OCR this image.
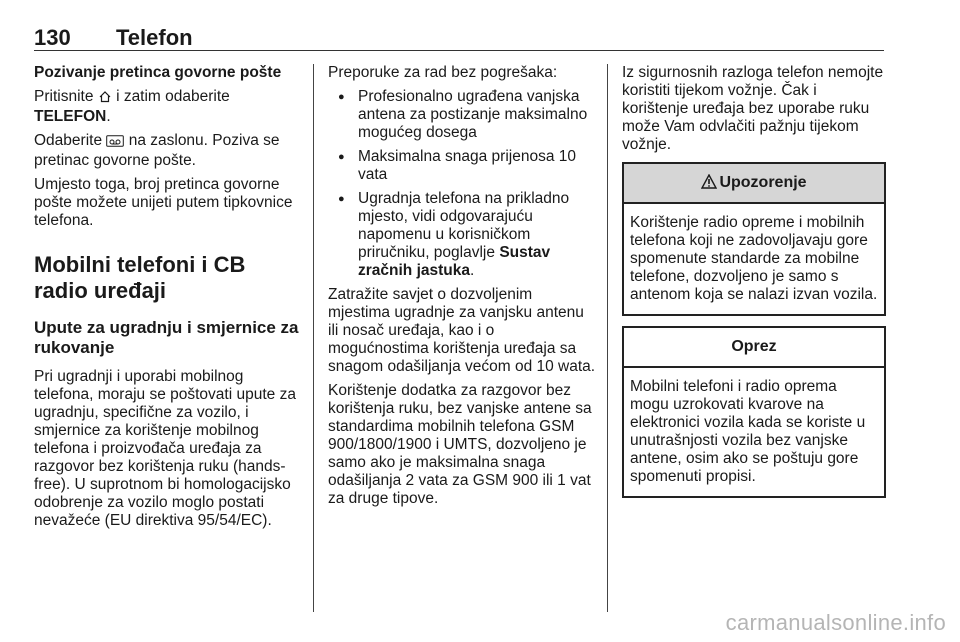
130 Telefon

Pozivanje pretinca govorne pošte

Pritisnite i zatim odaberite TELEFON.

Odaberite na zaslonu. Poziva se pretinac govorne pošte.

Umjesto toga, broj pretinca govorne pošte možete unijeti putem tipkovnice telefona.

Mobilni telefoni i CB radio uređaji
Upute za ugradnju i smjernice za rukovanje

Pri ugradnji i uporabi mobilnog telefona, moraju se poštovati upute za ugradnju, specifične za vozilo, i smjernice za korištenje mobilnog telefona i proizvođača uređaja za razgovor bez korištenja ruku (hands-free). U suprotnom bi homologacijsko odobrenje za vozilo moglo postati nevažeće (EU direktiva 95/54/EC).

Preporuke za rad bez pogrešaka:

● Profesionalno ugrađena vanjska antena za postizanje maksimalno mogućeg dosega
● Maksimalna snaga prijenosa 10 vata
● Ugradnja telefona na prikladno mjesto, vidi odgovarajuću napomenu u korisničkom priručniku, poglavlje Sustav zračnih jastuka.

Zatražite savjet o dozvoljenim mjestima ugradnje za vanjsku antenu ili nosač uređaja, kao i o mogućnostima korištenja uređaja sa snagom odašiljanja većom od 10 wata.

Korištenje dodatka za razgovor bez korištenja ruku, bez vanjske antene sa standardima mobilnih telefona GSM 900/1800/1900 i UMTS, dozvoljeno je samo ako je maksimalna snaga odašiljanja 2 vata za GSM 900 ili 1 vat za druge tipove.

Iz sigurnosnih razloga telefon nemojte koristiti tijekom vožnje. Čak i korištenje uređaja bez uporabe ruku može Vam odvlačiti pažnju tijekom vožnje.

Upozorenje
Korištenje radio opreme i mobilnih telefona koji ne zadovoljavaju gore spomenute standarde za mobilne telefone, dozvoljeno je samo s antenom koja se nalazi izvan vozila.
Oprez
Mobilni telefoni i radio oprema mogu uzrokovati kvarove na elektronici vozila kada se koriste u unutrašnjosti vozila bez vanjske antene, osim ako se poštuju gore spomenuti propisi.
carmanualsonline.info
